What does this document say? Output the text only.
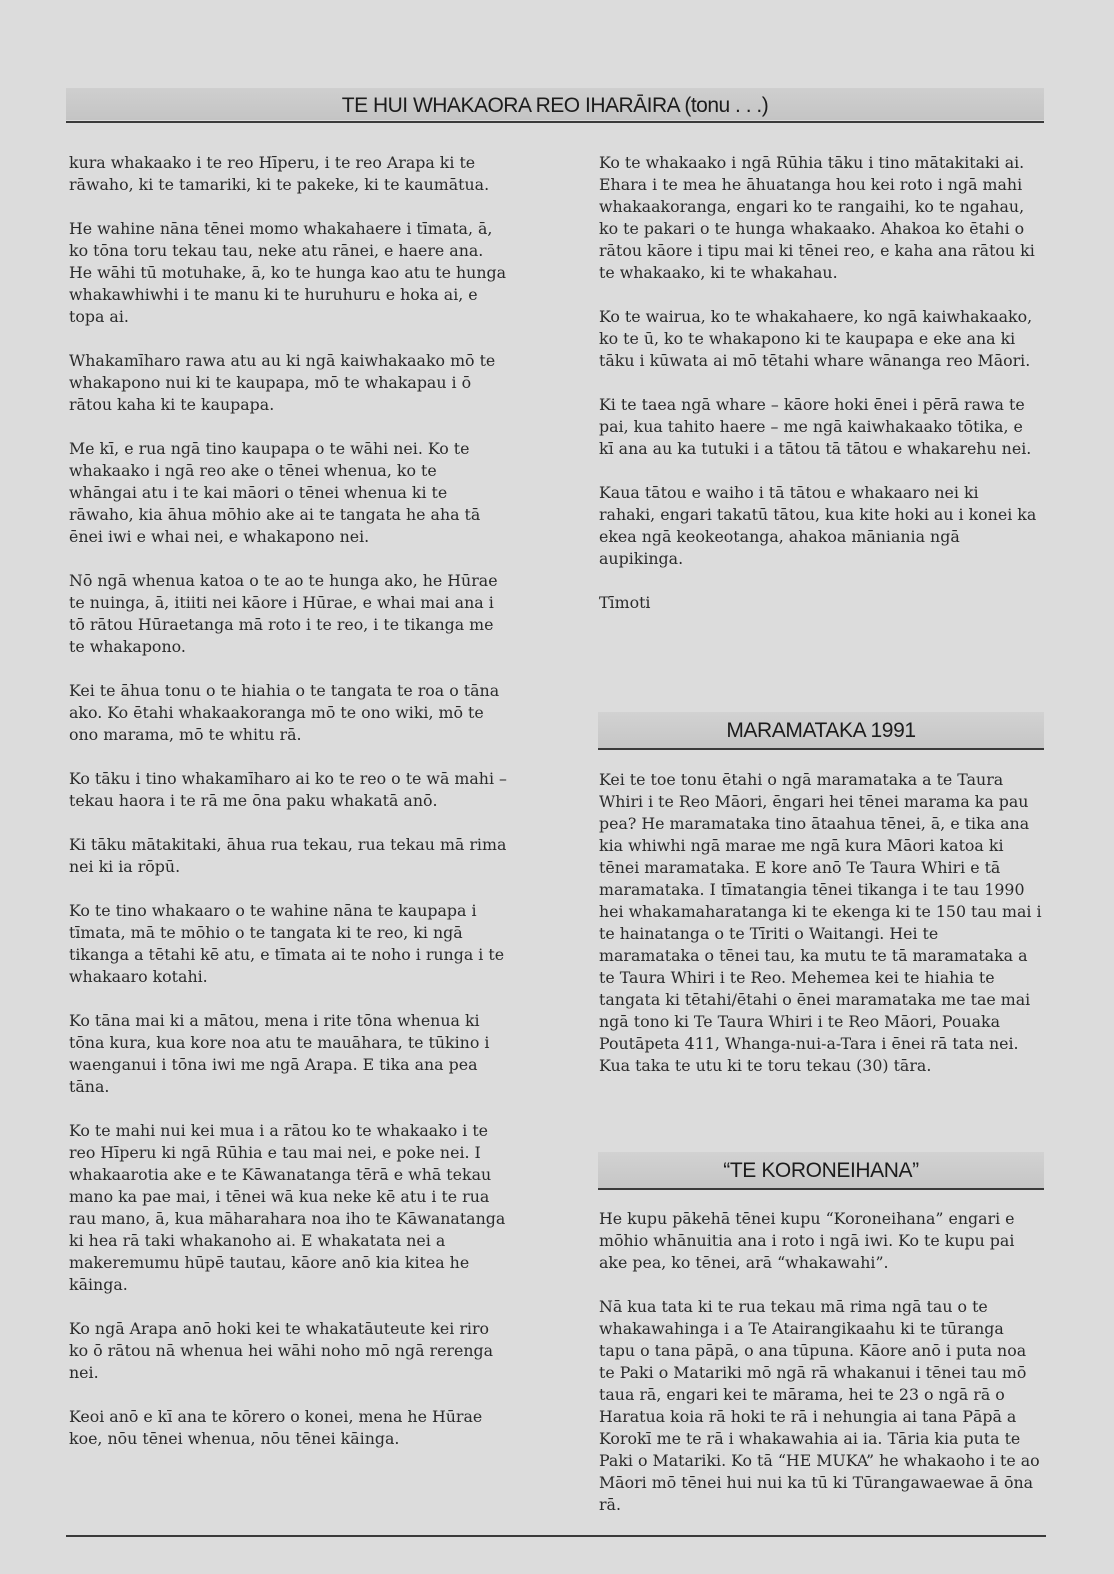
TE HUI WHAKAORA REO IHARĀIRA (tonu . . .)

kura whakaako i te reo Hīperu, i te reo Arapa ki te rāwaho, ki te tamariki, ki te pakeke, ki te kaumātua.

He wahine nāna tēnei momo whakahaere i tīmata, ā, ko tōna toru tekau tau, neke atu rānei, e haere ana. He wāhi tū motuhake, ā, ko te hunga kao atu te hunga whakawhiwhi i te manu ki te huruhuru e hoka ai, e topa ai.

Whakamīharo rawa atu au ki ngā kaiwhakaako mō te whakapono nui ki te kaupapa, mō te whakapau i ō rātou kaha ki te kaupapa.

Me kī, e rua ngā tino kaupapa o te wāhi nei. Ko te whakaako i ngā reo ake o tēnei whenua, ko te whāngai atu i te kai māori o tēnei whenua ki te rāwaho, kia āhua mōhio ake ai te tangata he aha tā ēnei iwi e whai nei, e whakapono nei.

Nō ngā whenua katoa o te ao te hunga ako, he Hūrae te nuinga, ā, itiiti nei kāore i Hūrae, e whai mai ana i tō rātou Hūraetanga mā roto i te reo, i te tikanga me te whakapono.

Kei te āhua tonu o te hiahia o te tangata te roa o tāna ako. Ko ētahi whakaakoranga mō te ono wiki, mō te ono marama, mō te whitu rā.

Ko tāku i tino whakamīharo ai ko te reo o te wā mahi – tekau haora i te rā me ōna paku whakatā anō.

Ki tāku mātakitaki, āhua rua tekau, rua tekau mā rima nei ki ia rōpū.

Ko te tino whakaaro o te wahine nāna te kaupapa i tīmata, mā te mōhio o te tangata ki te reo, ki ngā tikanga a tētahi kē atu, e tīmata ai te noho i runga i te whakaaro kotahi.

Ko tāna mai ki a mātou, mena i rite tōna whenua ki tōna kura, kua kore noa atu te mauāhara, te tūkino i waenganui i tōna iwi me ngā Arapa. E tika ana pea tāna.

Ko te mahi nui kei mua i a rātou ko te whakaako i te reo Hīperu ki ngā Rūhia e tau mai nei, e poke nei. I whakaarotia ake e te Kāwanatanga tērā e whā tekau mano ka pae mai, i tēnei wā kua neke kē atu i te rua rau mano, ā, kua māharahara noa iho te Kāwanatanga ki hea rā taki whakanoho ai. E whakatata nei a makeremumu hūpē tautau, kāore anō kia kitea he kāinga.

Ko ngā Arapa anō hoki kei te whakatāuteute kei riro ko ō rātou nā whenua hei wāhi noho mō ngā rerenga nei.

Keoi anō e kī ana te kōrero o konei, mena he Hūrae koe, nōu tēnei whenua, nōu tēnei kāinga.

Ko te whakaako i ngā Rūhia tāku i tino mātakitaki ai. Ehara i te mea he āhuatanga hou kei roto i ngā mahi whakaakoranga, engari ko te rangaihi, ko te ngahau, ko te pakari o te hunga whakaako. Ahakoa ko ētahi o rātou kāore i tipu mai ki tēnei reo, e kaha ana rātou ki te whakaako, ki te whakahau.

Ko te wairua, ko te whakahaere, ko ngā kaiwhakaako, ko te ū, ko te whakapono ki te kaupapa e eke ana ki tāku i kūwata ai mō tētahi whare wānanga reo Māori.

Ki te taea ngā whare – kāore hoki ēnei i pērā rawa te pai, kua tahito haere – me ngā kaiwhakaako tōtika, e kī ana au ka tutuki i a tātou tā tātou e whakarehu nei.

Kaua tātou e waiho i tā tātou e whakaaro nei ki rahaki, engari takatū tātou, kua kite hoki au i konei ka ekea ngā keokeotanga, ahakoa māniania ngā aupikinga.

Tīmoti

MARAMATAKA 1991

Kei te toe tonu ētahi o ngā maramataka a te Taura Whiri i te Reo Māori, ēngari hei tēnei marama ka pau pea? He maramataka tino ātaahua tēnei, ā, e tika ana kia whiwhi ngā marae me ngā kura Māori katoa ki tēnei maramataka. E kore anō Te Taura Whiri e tā maramataka. I tīmatangia tēnei tikanga i te tau 1990 hei whakamaharatanga ki te ekenga ki te 150 tau mai i te hainatanga o te Tīriti o Waitangi. Hei te maramataka o tēnei tau, ka mutu te tā maramataka a te Taura Whiri i te Reo. Mehemea kei te hiahia te tangata ki tētahi/ētahi o ēnei maramataka me tae mai ngā tono ki Te Taura Whiri i te Reo Māori, Pouaka Poutāpeta 411, Whanga-nui-a-Tara i ēnei rā tata nei. Kua taka te utu ki te toru tekau (30) tāra.

“TE KORONEIHANA”

He kupu pākehā tēnei kupu “Koroneihana” engari e mōhio whānuitia ana i roto i ngā iwi. Ko te kupu pai ake pea, ko tēnei, arā “whakawahi”.

Nā kua tata ki te rua tekau mā rima ngā tau o te whakawahinga i a Te Atairangikaahu ki te tūranga tapu o tana pāpā, o ana tūpuna. Kāore anō i puta noa te Paki o Matariki mō ngā rā whakanui i tēnei tau mō taua rā, engari kei te mārama, hei te 23 o ngā rā o Haratua koia rā hoki te rā i nehungia ai tana Pāpā a Korokī me te rā i whakawahia ai ia. Tāria kia puta te Paki o Matariki. Ko tā “HE MUKA” he whakaoho i te ao Māori mō tēnei hui nui ka tū ki Tūrangawaewae ā ōna rā.
